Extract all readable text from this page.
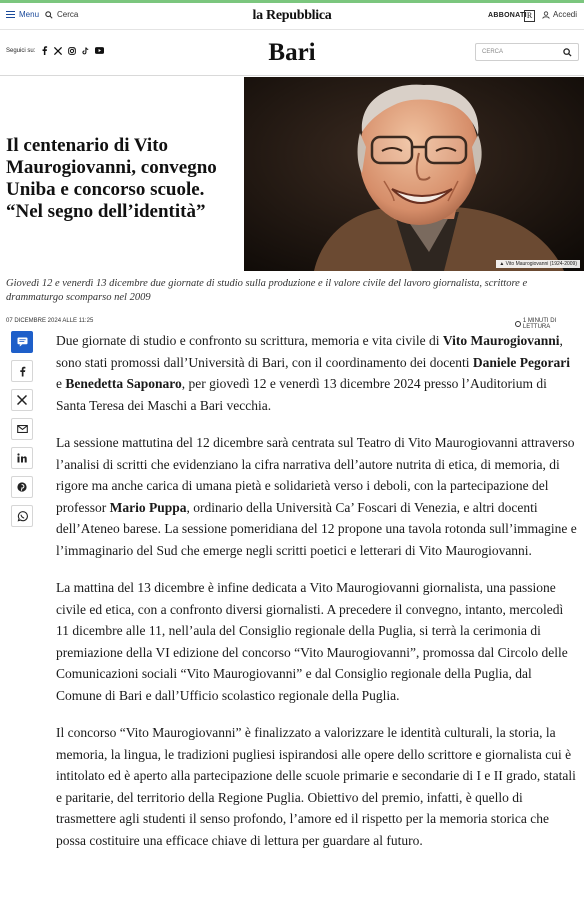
Menu Cerca	la Repubblica	ABBONATI R	Accedi
Seguici su:	Bari	CERCA
Il centenario di Vito Maurogiovanni, convegno Uniba e concorso scuole. “Nel segno dell’identità”
▲ Vito Maurogiovanni (1924-2009)

Giovedì 12 e venerdì 13 dicembre due giornate di studio sulla produzione e il valore civile del lavoro giornalista, scrittore e drammaturgo scomparso nel 2009

07 DICEMBRE 2024 ALLE 11:25	1 MINUTI DI LETTURA

Due giornate di studio e confronto su scrittura, memoria e vita civile di Vito Maurogiovanni, sono stati promossi dall’Università di Bari, con il coordinamento dei docenti Daniele Pegorari e Benedetta Saponaro, per giovedì 12 e venerdì 13 dicembre 2024 presso l’Auditorium di Santa Teresa dei Maschi a Bari vecchia.

La sessione mattutina del 12 dicembre sarà centrata sul Teatro di Vito Maurogiovanni attraverso l’analisi di scritti che evidenziano la cifra narrativa dell’autore nutrita di etica, di memoria, di rigore ma anche carica di umana pietà e solidarietà verso i deboli, con la partecipazione del professor Mario Puppa, ordinario della Università Ca’ Foscari di Venezia, e altri docenti dell’Ateneo barese. La sessione pomeridiana del 12 propone una tavola rotonda sull’immagine e l’immaginario del Sud che emerge negli scritti poetici e letterari di Vito Maurogiovanni.

La mattina del 13 dicembre è infine dedicata a Vito Maurogiovanni giornalista, una passione civile ed etica, con a confronto diversi giornalisti. A precedere il convegno, intanto, mercoledì 11 dicembre alle 11, nell’aula del Consiglio regionale della Puglia, si terrà la cerimonia di premiazione della VI edizione del concorso “Vito Maurogiovanni”, promossa dal Circolo delle Comunicazioni sociali “Vito Maurogiovanni” e dal Consiglio regionale della Puglia, dal Comune di Bari e dall’Ufficio scolastico regionale della Puglia.

Il concorso “Vito Maurogiovanni” è finalizzato a valorizzare le identità culturali, la storia, la memoria, la lingua, le tradizioni pugliesi ispirandosi alle opere dello scrittore e giornalista cui è intitolato ed è aperto alla partecipazione delle scuole primarie e secondarie di I e II grado, statali e paritarie, del territorio della Regione Puglia. Obiettivo del premio, infatti, è quello di trasmettere agli studenti il senso profondo, l’amore ed il rispetto per la memoria storica che possa costituire una efficace chiave di lettura per guardare al futuro.
